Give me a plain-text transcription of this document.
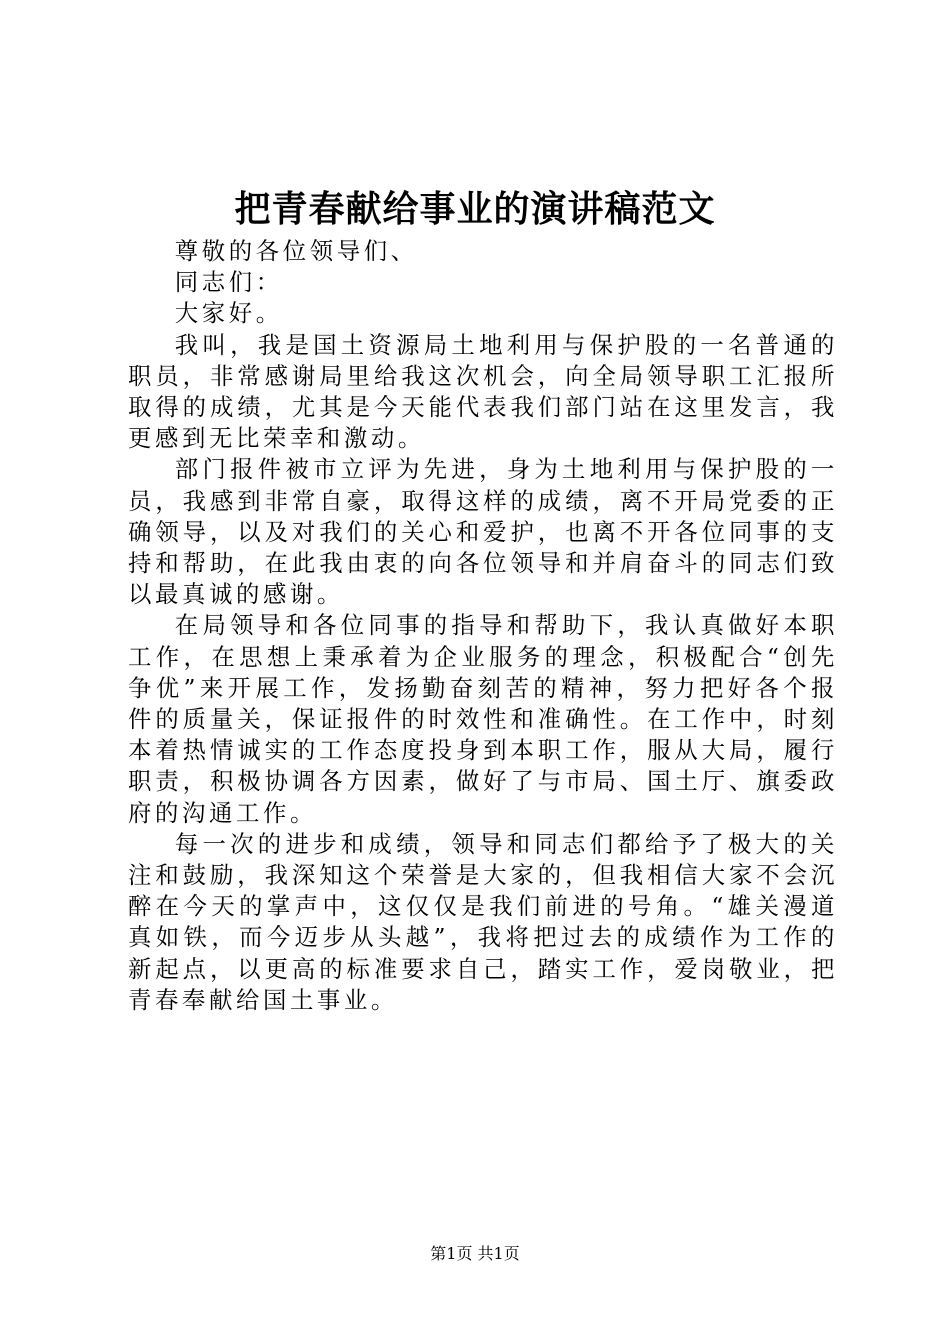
把青春献给事业的演讲稿范文

尊敬的各位领导们、

同志们：

大家好。

我叫，我是国土资源局土地利用与保护股的一名普通的职员，非常感谢局里给我这次机会，向全局领导职工汇报所取得的成绩，尤其是今天能代表我们部门站在这里发言，我更感到无比荣幸和激动。

部门报件被市立评为先进，身为土地利用与保护股的一员，我感到非常自豪，取得这样的成绩，离不开局党委的正确领导，以及对我们的关心和爱护，也离不开各位同事的支持和帮助，在此我由衷的向各位领导和并肩奋斗的同志们致以最真诚的感谢。

在局领导和各位同事的指导和帮助下，我认真做好本职工作，在思想上秉承着为企业服务的理念，积极配合“创先争优”来开展工作，发扬勤奋刻苦的精神，努力把好各个报件的质量关，保证报件的时效性和准确性。在工作中，时刻本着热情诚实的工作态度投身到本职工作，服从大局，履行职责，积极协调各方因素，做好了与市局、国土厅、旗委政府的沟通工作。

每一次的进步和成绩，领导和同志们都给予了极大的关注和鼓励，我深知这个荣誉是大家的，但我相信大家不会沉醉在今天的掌声中，这仅仅是我们前进的号角。“雄关漫道真如铁，而今迈步从头越”，我将把过去的成绩作为工作的新起点，以更高的标准要求自己，踏实工作，爱岗敬业，把青春奉献给国土事业。

第1页 共1页
